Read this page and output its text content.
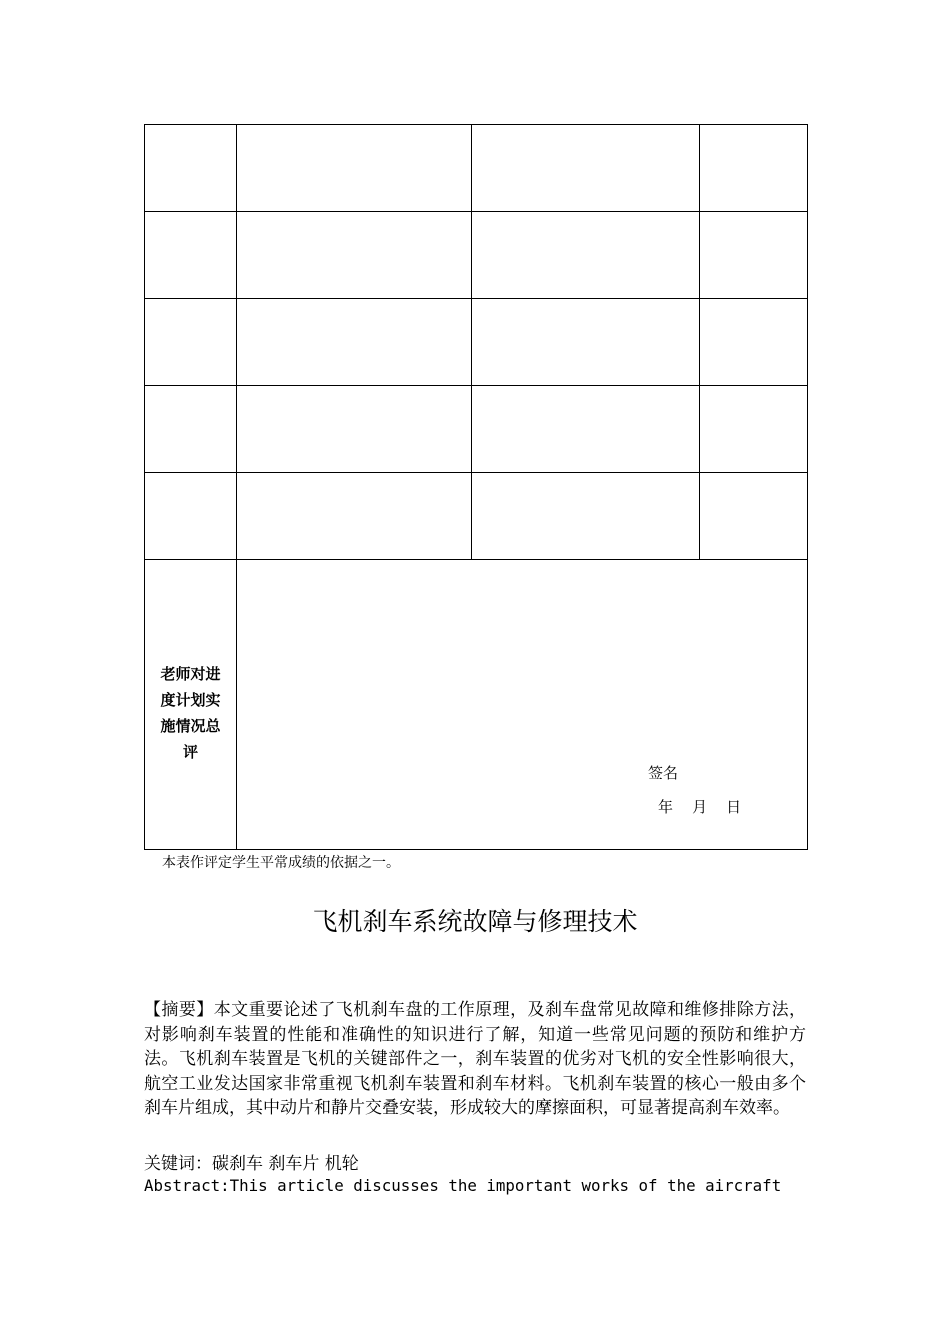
老师对进度计划实施情况总评	签名
年    月    日		
本表作评定学生平常成绩的依据之一。
飞机刹车系统故障与修理技术

【摘要】本文重要论述了飞机刹车盘的工作原理，及刹车盘常见故障和维修排除方法，对影响刹车装置的性能和准确性的知识进行了解，知道一些常见问题的预防和维护方法。飞机刹车装置是飞机的关键部件之一，刹车装置的优劣对飞机的安全性影响很大，航空工业发达国家非常重视飞机刹车装置和刹车材料。飞机刹车装置的核心一般由多个刹车片组成，其中动片和静片交叠安装，形成较大的摩擦面积，可显著提高刹车效率。

关键词：碳刹车 刹车片 机轮
Abstract:This article discusses the important works of the aircraft
